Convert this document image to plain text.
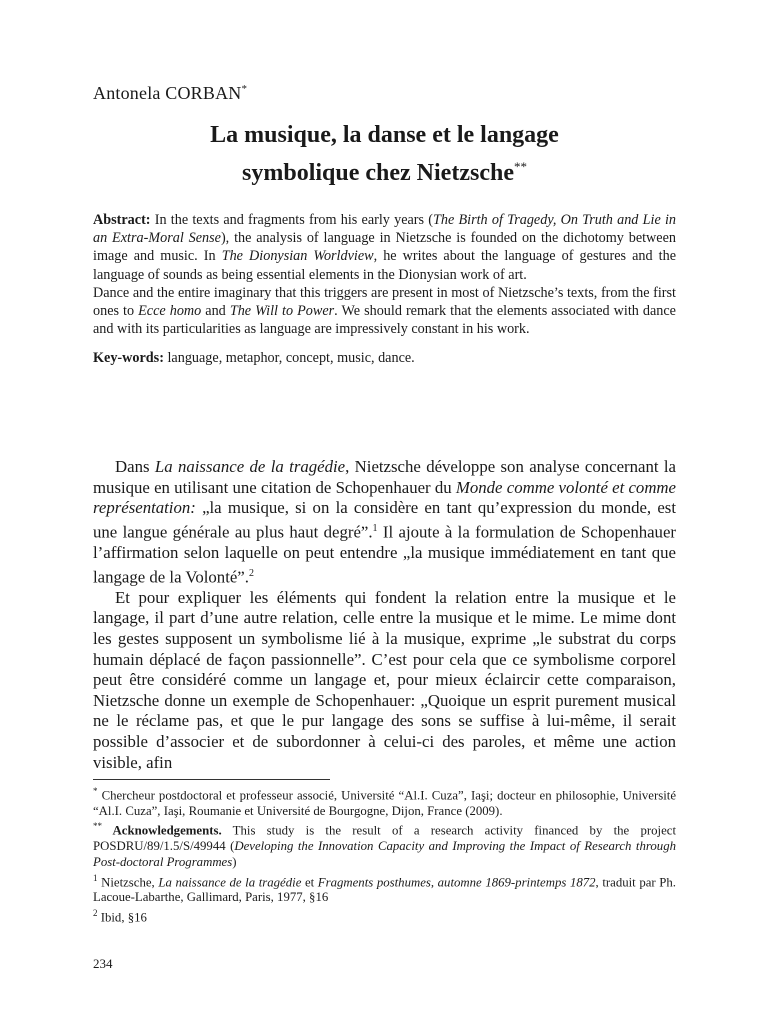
Antonela CORBAN*
La musique, la danse et le langage
symbolique chez Nietzsche**

Abstract: In the texts and fragments from his early years (The Birth of Tragedy, On Truth and Lie in an Extra-Moral Sense), the analysis of language in Nietzsche is founded on the dichotomy between image and music. In The Dionysian Worldview, he writes about the language of gestures and the language of sounds as being essential elements in the Dionysian work of art.

Dance and the entire imaginary that this triggers are present in most of Nietzsche’s texts, from the first ones to Ecce homo and The Will to Power. We should remark that the elements associated with dance and with its particularities as language are impressively constant in his work.

Key-words: language, metaphor, concept, music, dance.

Dans La naissance de la tragédie, Nietzsche développe son analyse concernant la musique en utilisant une citation de Schopenhauer du Monde comme volonté et comme représentation: „la musique, si on la considère en tant qu’expression du monde, est une langue générale au plus haut degré”.$^1$ Il ajoute à la formulation de Schopenhauer l’affirmation selon laquelle on peut entendre „la musique immédiatement en tant que langage de la Volonté”.$^2$

Et pour expliquer les éléments qui fondent la relation entre la musique et le langage, il part d’une autre relation, celle entre la musique et le mime. Le mime dont les gestes supposent un symbolisme lié à la musique, exprime „le substrat du corps humain déplacé de façon passionnelle”. C’est pour cela que ce symbolisme corporel peut être considéré comme un langage et, pour mieux éclaircir cette comparaison, Nietzsche donne un exemple de Schopenhauer: „Quoique un esprit purement musical ne le réclame pas, et que le pur langage des sons se suffise à lui-même, il serait possible d’associer et de subordonner à celui-ci des paroles, et même une action visible, afin

* Chercheur postdoctoral et professeur associé, Université “Al.I. Cuza”, Iaşi; docteur en philosophie, Université “Al.I. Cuza”, Iaşi, Roumanie et Université de Bourgogne, Dijon, France (2009).

** Acknowledgements. This study is the result of a research activity financed by the project POSDRU/89/1.5/S/49944 (Developing the Innovation Capacity and Improving the Impact of Research through Post-doctoral Programmes)

$^1$ Nietzsche, La naissance de la tragédie et Fragments posthumes, automne 1869-printemps 1872, traduit par Ph. Lacoue-Labarthe, Gallimard, Paris, 1977, §16

$^2$ Ibid, §16

234
